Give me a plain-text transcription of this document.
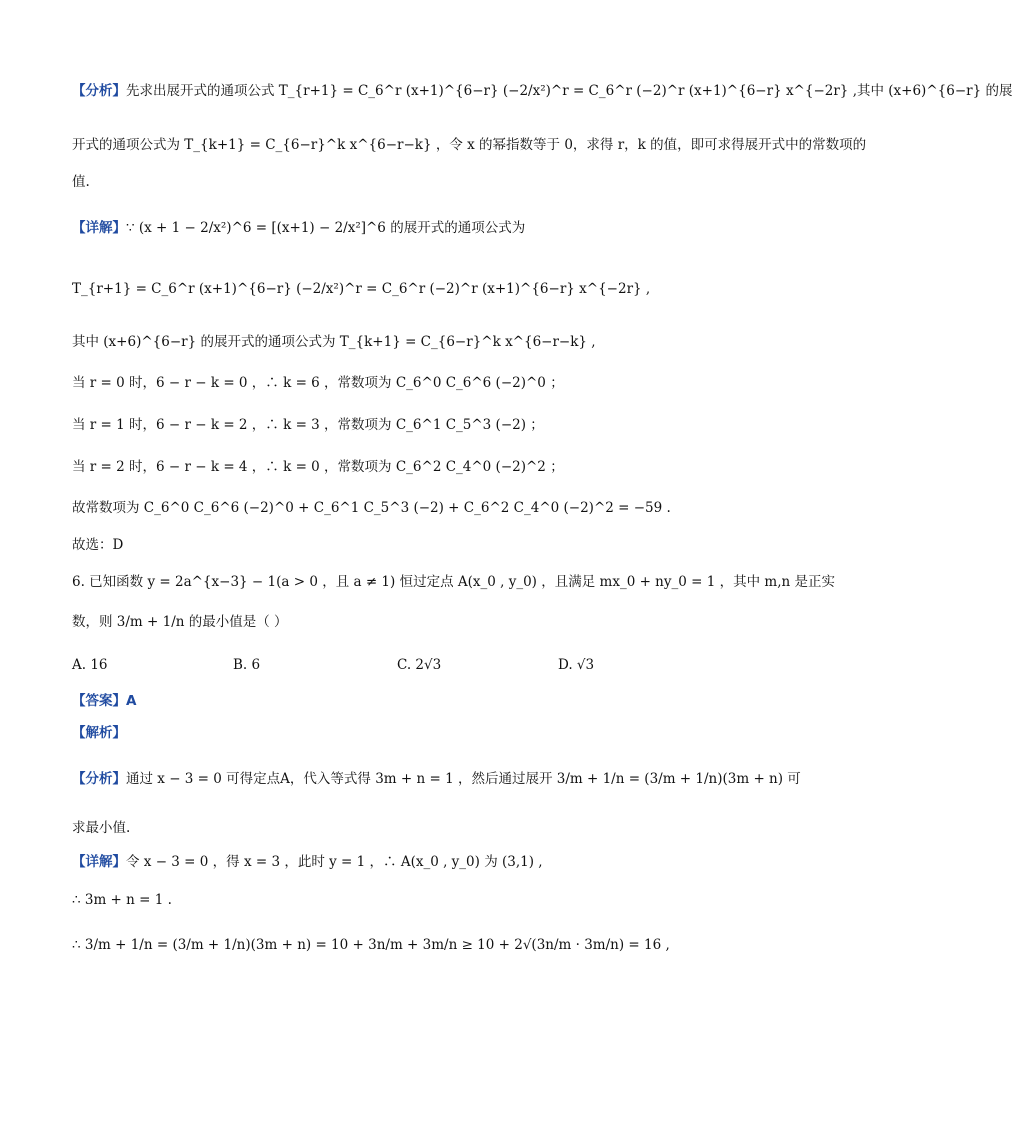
【分析】先求出展开式的通项公式 T_{r+1} = C_6^r (x+1)^{6−r} (−2/x²)^r = C_6^r (−2)^r (x+1)^{6−r} x^{−2r} ,其中 (x+6)^{6−r} 的展
开式的通项公式为 T_{k+1} = C_{6−r}^k x^{6−r−k} ，令 x 的幂指数等于 0，求得 r，k 的值，即可求得展开式中的常数项的
值.
【详解】∵ (x + 1 − 2/x²)^6 = [(x+1) − 2/x²]^6 的展开式的通项公式为
T_{r+1} = C_6^r (x+1)^{6−r} (−2/x²)^r = C_6^r (−2)^r (x+1)^{6−r} x^{−2r} ,
其中 (x+6)^{6−r} 的展开式的通项公式为 T_{k+1} = C_{6−r}^k x^{6−r−k} ,
当 r = 0 时，6 − r − k = 0 ，∴ k = 6 ，常数项为 C_6^0 C_6^6 (−2)^0 ；
当 r = 1 时，6 − r − k = 2 ，∴ k = 3 ，常数项为 C_6^1 C_5^3 (−2) ；
当 r = 2 时，6 − r − k = 4 ，∴ k = 0 ，常数项为 C_6^2 C_4^0 (−2)^2 ；
故常数项为 C_6^0 C_6^6 (−2)^0 + C_6^1 C_5^3 (−2) + C_6^2 C_4^0 (−2)^2 = −59 .
故选：D
6. 已知函数 y = 2a^{x−3} − 1(a > 0 ，且 a ≠ 1) 恒过定点 A(x_0 , y_0) ，且满足 mx_0 + ny_0 = 1 ，其中 m,n 是正实
数，则 3/m + 1/n 的最小值是（ ）
A. 16	B. 6	C. 2√3	D. √3
【答案】A
【解析】
【分析】通过 x − 3 = 0 可得定点A，代入等式得 3m + n = 1 ，然后通过展开 3/m + 1/n = (3/m + 1/n)(3m + n) 可
求最小值.
【详解】令 x − 3 = 0 ，得 x = 3 ，此时 y = 1 ，∴ A(x_0 , y_0) 为 (3,1) ,
∴ 3m + n = 1 .
∴ 3/m + 1/n = (3/m + 1/n)(3m + n) = 10 + 3n/m + 3m/n ≥ 10 + 2√(3n/m · 3m/n) = 16 ,
